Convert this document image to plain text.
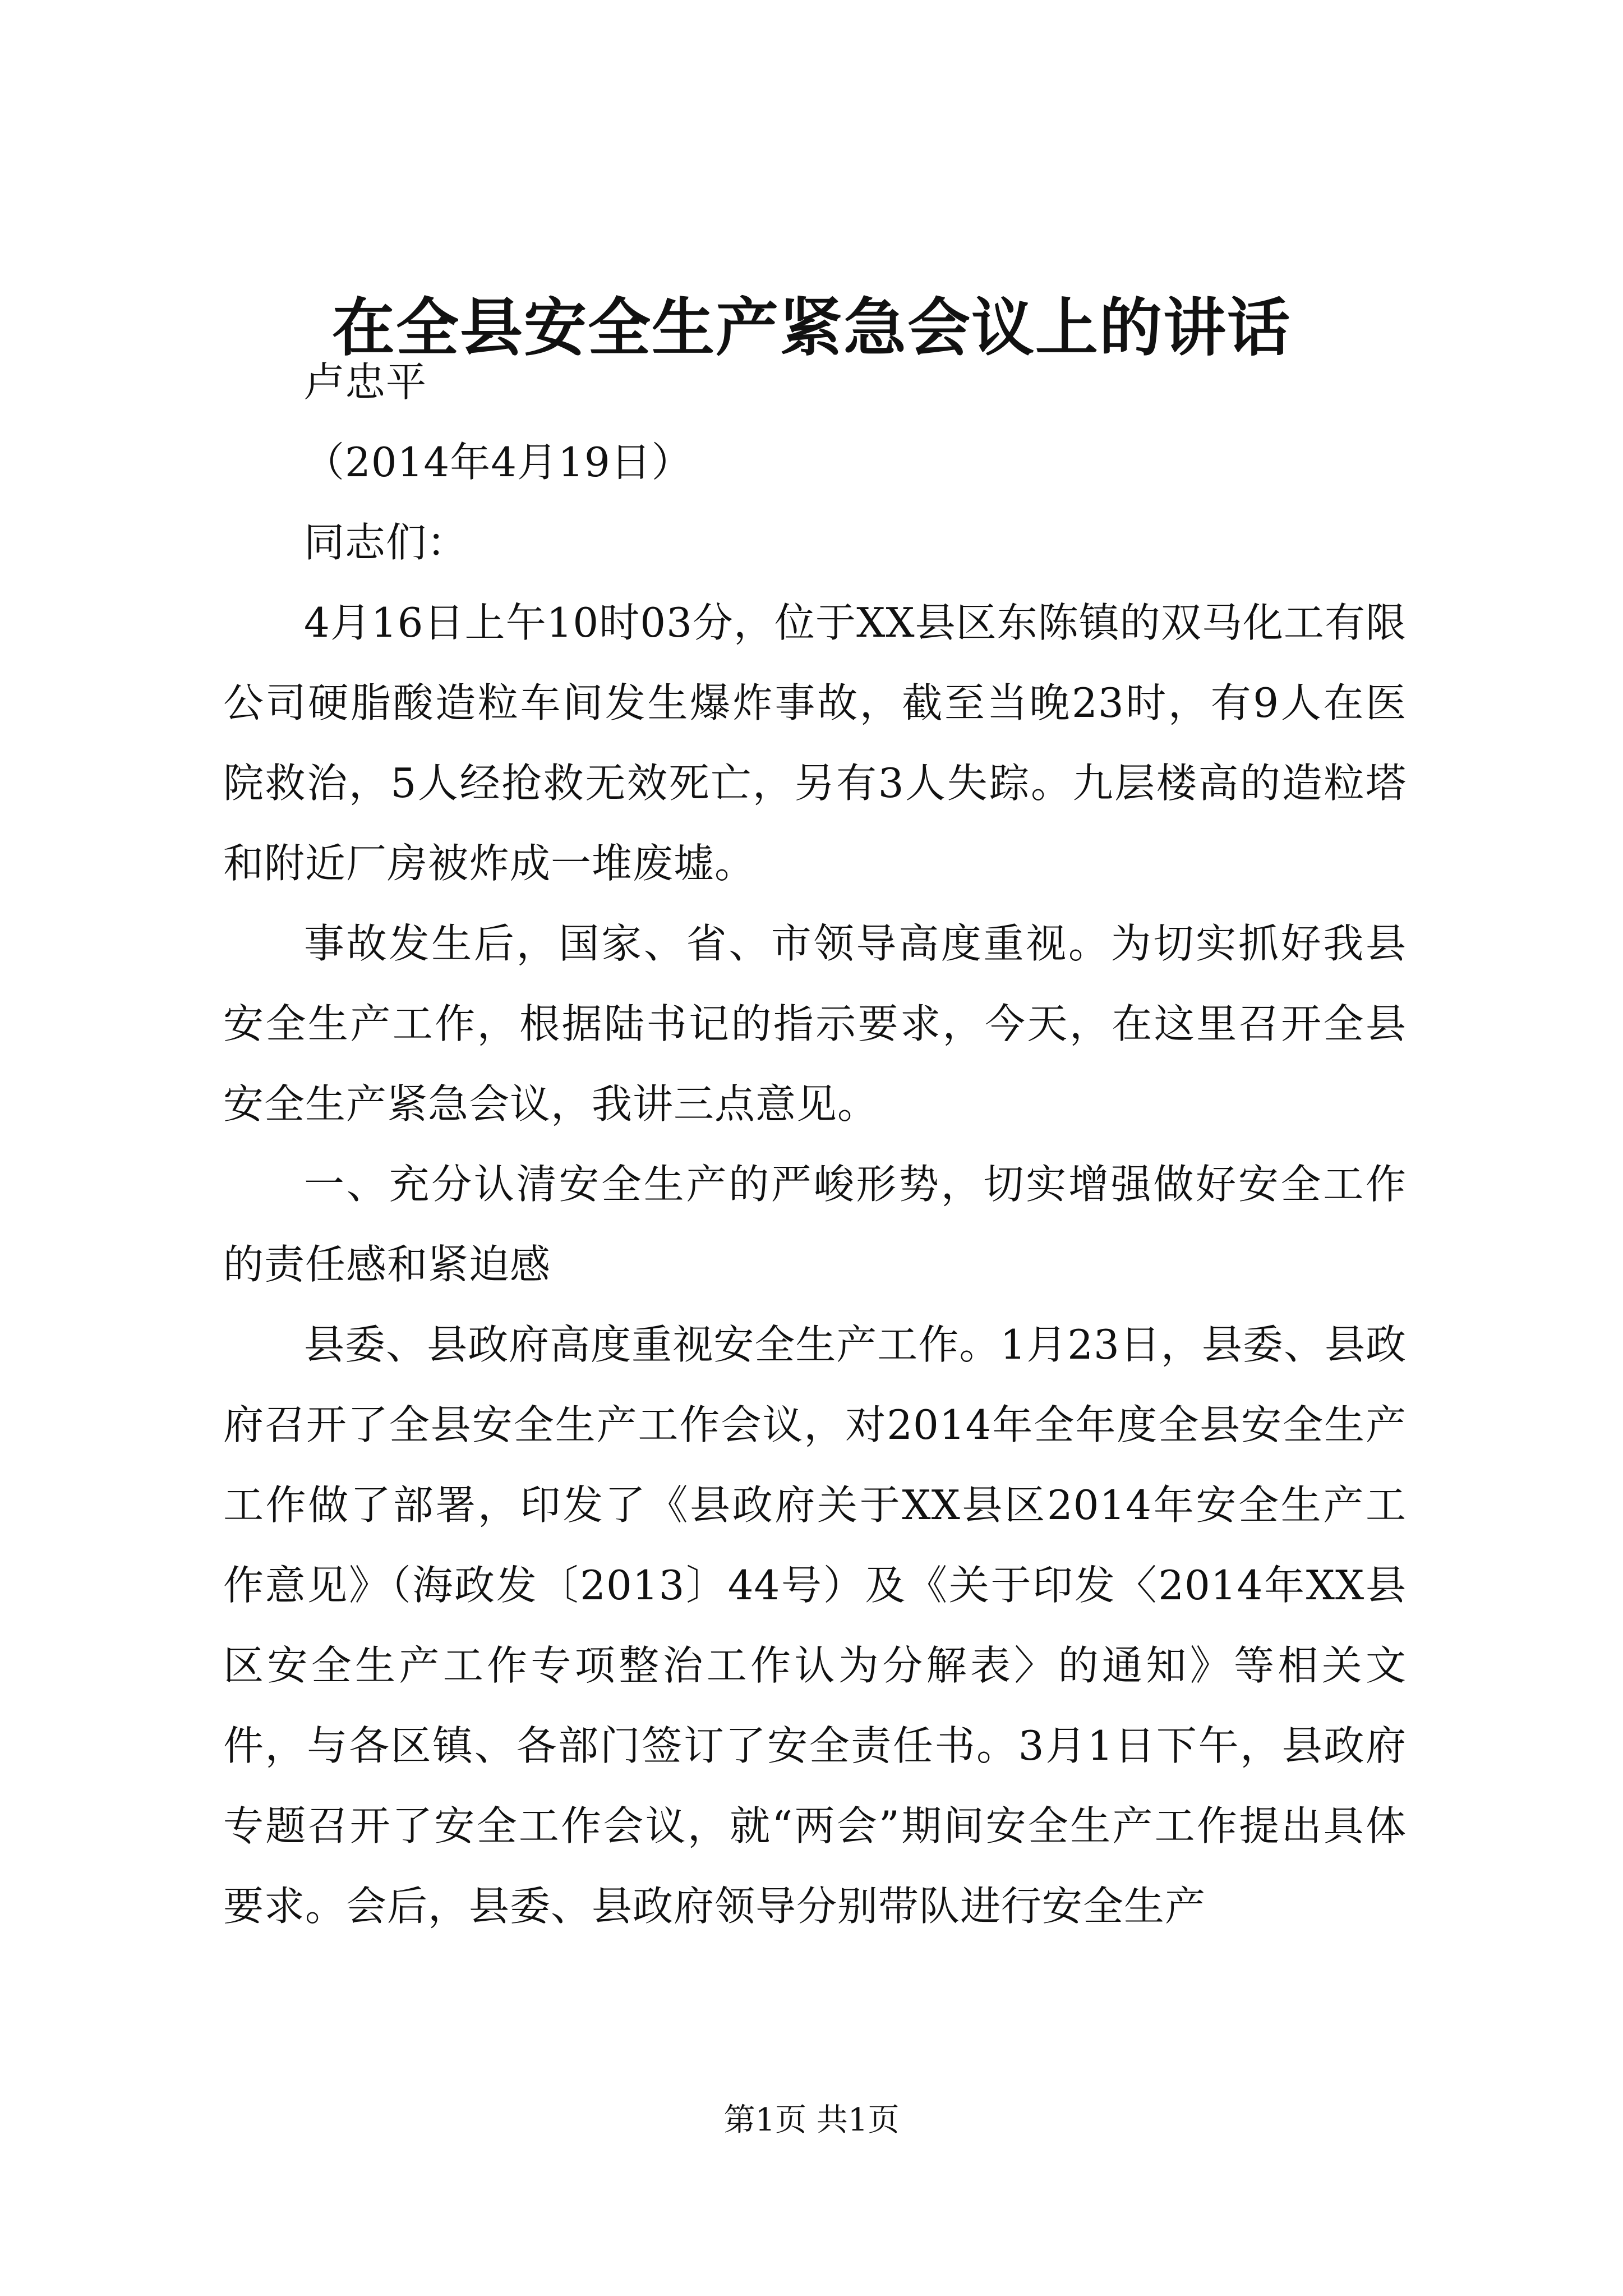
在全县安全生产紧急会议上的讲话

卢忠平

（2014年4月19日）

同志们：

4月16日上午10时03分，位于XX县区东陈镇的双马化工有限公司硬脂酸造粒车间发生爆炸事故，截至当晚23时，有9人在医院救治，5人经抢救无效死亡，另有3人失踪。九层楼高的造粒塔和附近厂房被炸成一堆废墟。

事故发生后，国家、省、市领导高度重视。为切实抓好我县安全生产工作，根据陆书记的指示要求，今天，在这里召开全县安全生产紧急会议，我讲三点意见。

一、充分认清安全生产的严峻形势，切实增强做好安全工作的责任感和紧迫感

县委、县政府高度重视安全生产工作。1月23日，县委、县政府召开了全县安全生产工作会议，对2014年全年度全县安全生产工作做了部署，印发了《县政府关于XX县区2014年安全生产工作意见》（海政发〔2013〕44号）及《关于印发〈2014年XX县区安全生产工作专项整治工作认为分解表〉的通知》等相关文件，与各区镇、各部门签订了安全责任书。3月1日下午，县政府专题召开了安全工作会议，就“两会”期间安全生产工作提出具体要求。会后，县委、县政府领导分别带队进行安全生产

第1页 共1页
